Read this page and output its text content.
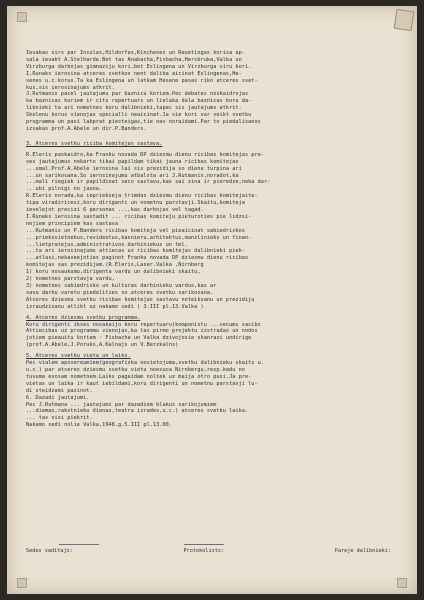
Ievakas sirs par Insulas,Hildorfas,Kinchenes un Reuetingas korisa ap-
sala ievakt A.Stelharde.Bet tas Anabacha,Fisbacha,Hersbruka,Valka un
Virzburga darbojas gimnaziju kori,bet Eslingena un Virzburga viru kori.
I.Runaks ierosina atceres svetkos nent daliba aicinat Eslingenas,He-
senes u.c.korus.Ta ka Eslingena un latkam Hesene pasas riko atceres svet-
kus,sis ierosinajums atkrit.
J.Rutmanis pacel jautajumu par baznicu koriem.Pec debates noskaidrojas
ka baznicas koriem ir cits repertuars un lielaka dala baznicas koru da-
libnieki ta ari nometnes koru dalibnieki,tapec sis jautajums atkrit.
Skolenu korus vienojas specialli neaicinat.Ja sie kori var veikt svetku
programma un pasi labprat piesteigas,tie nav noraidami.Par to piedalisanos
izsakas prof.A.Abele un dir.P.Banders.
3. Atceres svetku riciba komitejas sastava.
R.Eleris paskaidro,ka Franku novada DP dziesmu dienu ricibas komitejas pre-
ses jautajumus nokarto tikai papildam tikai jauna ricibas komitejas
...umal.Prof.A.Abele ierosina lai sis prezidija so dienu turpina ari
...un sarikosana.So ierosinajumu atbalsta ari J.Rutmanis,noradot,ka
...mali riegiek ir papildinat veco sastavu,kas sai zina ir pieredze,neka dar-
...ubi pilnigi no jauna.
R.Eleris norada,ka iepriekseja trimdas dziesmu dienu ricibas komitejaite-
tipa viradiricesi,koru dirigenti un nometnu parstavji.Skaitu,komiteja
ievelejot precizi 6 personas ...,kas darbojas vel tagad.
I.Runaks ierosina sastadit ... ricibas komiteju pieturoties pie lidzsi-
nejiem principiem kas sastava
...Rutmanis un P.Banders ricibas komiteja vel pieaicinat sabiedriskos
...prieksvietnekus,revidentus,kasnieru,arhitektus,manzlinieks un finan-
...lietpratejus,administrativos darbiniekus un tml.
...ta ari ierosinajums attiecas uz ricibas komitejas dalibnieki piek-
...atlasi,nekaveejoties paginot Franku novada DP dziesmu dienu ricibas
komitejas sas prezidijam.(R.Eleris,Laser.Valka ,Nirnberg
1) koru nosaukumu,dirigenta vardu un dalibnieki skaitu,
2) nometnes parstavja vardu,
3) nometnes sabiedrisko un kulturas darbinieku vardus,kas ar
savu darbu varetu piedalities so atceres svetku sarikosana.
Atceres dziesmu svetku ricibas komitejas sastavu noteiksanu un prezidiju
izraudzisanu atlikt uz nakamo sedi ( 3.III pl.13.Valka )
4. Atceres dziesmu svetku programma.
Koru dirigenti ikses nosakaijo koru repertuaru(komponistu ...vecums sacibs
Attiecibas uz programmu vienojas,ka tas pirmo projektu izstradas un nodos
jotiem pieauitu koriem - Fisbacha un Valka dzivojosie skanrazi undirige
(prof.A.Abele,J.Poruks,A.Kalnajs un V.Berzkalns)
5. Atceres svetku vieta un laiks.
Pec vialem apsvereumiem(geografiska novietojuma,svetku dalibnieku skaits u.
u.c.) par atceres dziesmu svetku vietu noesuca Nirnbergu,resp.kadu no
tuvuma esosam nometnem.Laiks pagaidam noliek uz maija otro pusi.Ja pre-
vietas un laika ir kaut iebildami,koru dirigenti un nometnu parstavji lu-
di steidzami pazinot.
6. Dazadi jautajumi.
Pec J.Rutmana ... jautajumi par dazadiem blakus sarikojumiem
...diemas,rakstnieku dienas,teatra izrades,u.c.) atceres svetku laika.
... tas visi piekrit.
Nakamo sedi nolie Valka,1948.g.5.III pl.13.00.
Sedes vaditajs:	Protokolists:	Pareje dalibnieki:
